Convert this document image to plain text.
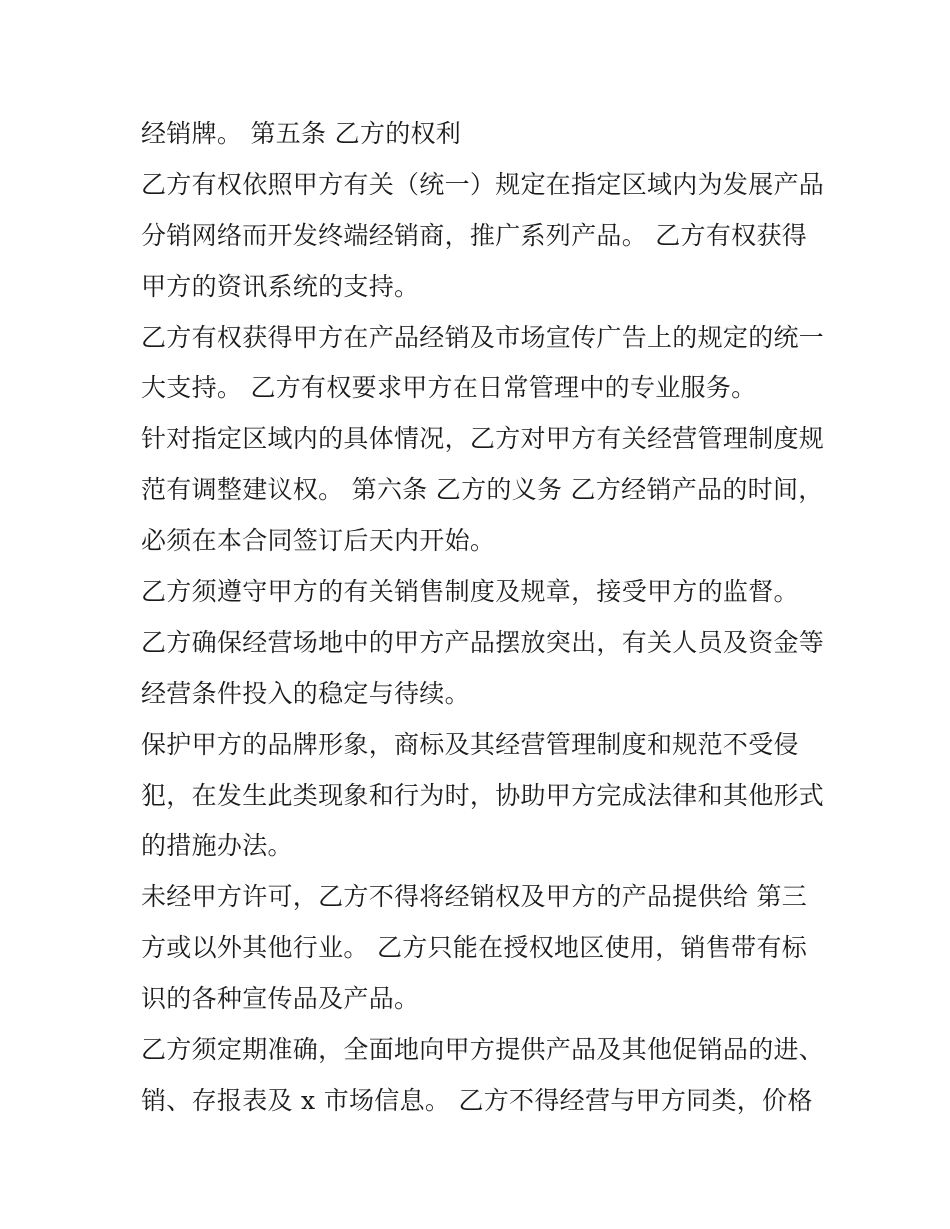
经销牌。 第五条 乙方的权利
乙方有权依照甲方有关（统一）规定在指定区域内为发展产品
分销网络而开发终端经销商，推广系列产品。 乙方有权获得
甲方的资讯系统的支持。
乙方有权获得甲方在产品经销及市场宣传广告上的规定的统一
大支持。 乙方有权要求甲方在日常管理中的专业服务。
针对指定区域内的具体情况，乙方对甲方有关经营管理制度规
范有调整建议权。 第六条 乙方的义务 乙方经销产品的时间，
必须在本合同签订后天内开始。
乙方须遵守甲方的有关销售制度及规章，接受甲方的监督。
乙方确保经营场地中的甲方产品摆放突出，有关人员及资金等
经营条件投入的稳定与待续。
保护甲方的品牌形象，商标及其经营管理制度和规范不受侵
犯，在发生此类现象和行为时，协助甲方完成法律和其他形式
的措施办法。
未经甲方许可，乙方不得将经销权及甲方的产品提供给 第三
方或以外其他行业。 乙方只能在授权地区使用，销售带有标
识的各种宣传品及产品。
乙方须定期准确，全面地向甲方提供产品及其他促销品的进、
销、存报表及 x 市场信息。 乙方不得经营与甲方同类，价格
